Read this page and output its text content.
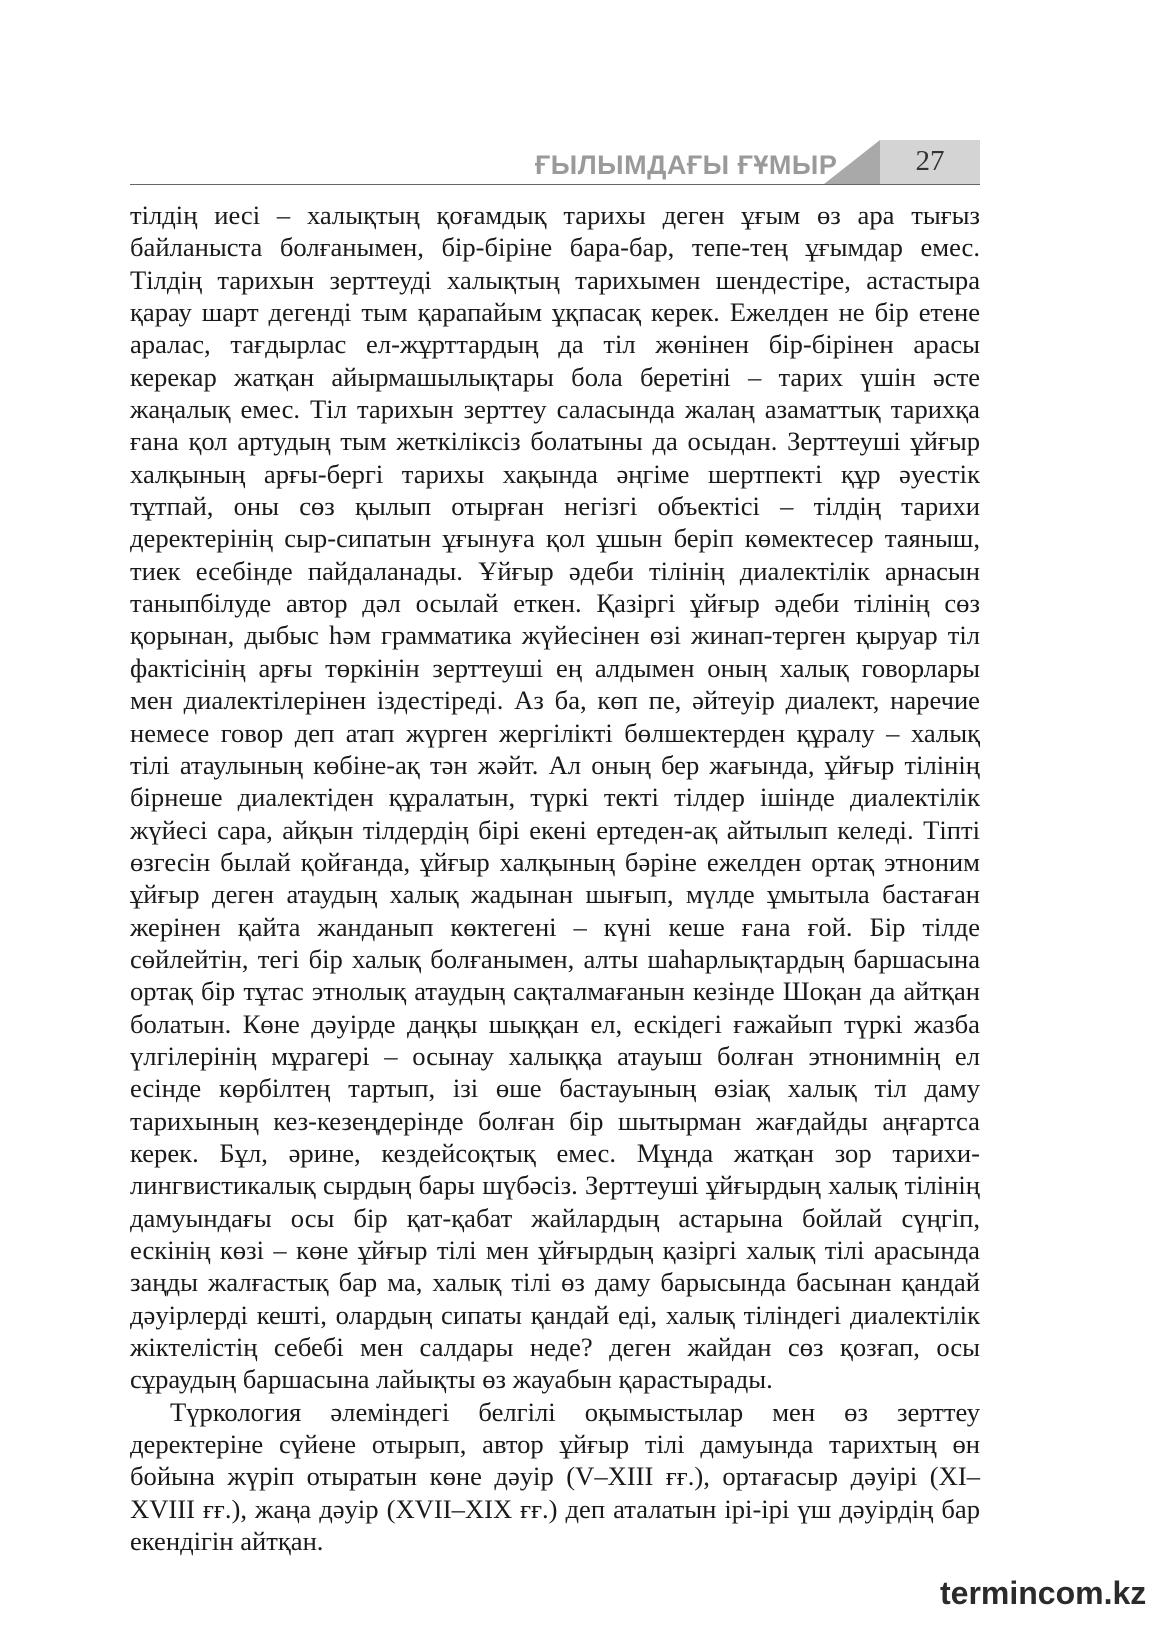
ҒЫЛЫМДАҒЫ ҒҰМЫР	27

тілдің иесі – халықтың қоғамдық тарихы деген ұғым өз ара тығыз байланыста болғанымен, бір-біріне бара-бар, тепе-тең ұғымдар емес. Тілдің тарихын зерттеуді халықтың тарихымен шендестіре, астастыра қарау шарт дегенді тым қарапайым ұқпасақ керек. Ежелден не бір етене аралас, тағдырлас ел-жұрттардың да тіл жөнінен бір-бірінен арасы керекар жатқан айырмашылықтары бола беретіні – тарих үшін әсте жаңалық емес. Тіл тарихын зерттеу саласында жалаң азаматтық тарихқа ғана қол артудың тым жеткіліксіз болатыны да осыдан. Зерттеуші ұйғыр халқының арғы-бергі тарихы хақында әңгіме шертпекті құр әуестік тұтпай, оны сөз қылып отырған негізгі объектісі – тілдің тарихи деректерінің сыр-сипатын ұғынуға қол ұшын беріп көмектесер таяныш, тиек есебінде пайдаланады. Ұйғыр әдеби тілінің диалектілік арнасын таныпбілуде автор дәл осылай еткен. Қазіргі ұйғыр әдеби тілінің сөз қорынан, дыбыс һәм грамматика жүйесінен өзі жинап-терген қыруар тіл фактісінің арғы төркінін зерттеуші ең алдымен оның халық говорлары мен диалектілерінен іздестіреді. Аз ба, көп пе, әйтеуір диалект, наречие немесе говор деп атап жүрген жергілікті бөлшектерден құралу – халық тілі атаулының көбіне-ақ тән жәйт. Ал оның бер жағында, ұйғыр тілінің бірнеше диалектіден құралатын, түркі текті тілдер ішінде диалектілік жүйесі сара, айқын тілдердің бірі екені ертеден-ақ айтылып келеді. Тіпті өзгесін былай қойғанда, ұйғыр халқының бәріне ежелден ортақ этноним ұйғыр деген атаудың халық жадынан шығып, мүлде ұмытыла бастаған жерінен қайта жанданып көктегені – күні кеше ғана ғой. Бір тілде сөйлейтін, тегі бір халық болғанымен, алты шаһарлықтардың баршасына ортақ бір тұтас этнолық атаудың сақталмағанын кезінде Шоқан да айтқан болатын. Көне дәуірде даңқы шыққан ел, ескідегі ғажайып түркі жазба үлгілерінің мұрагері – осынау халыққа атауыш болған этнонимнің ел есінде көрбілтең тартып, ізі өше бастауының өзіақ халық тіл даму тарихының кез-кезеңдерінде болған бір шытырман жағдайды аңғартса керек. Бұл, әрине, кездейсоқтық емес. Мұнда жатқан зор тарихи-лингвистикалық сырдың бары шүбәсіз. Зерттеуші ұйғырдың халық тілінің дамуындағы осы бір қат-қабат жайлардың астарына бойлай сүңгіп, ескінің көзі – көне ұйғыр тілі мен ұйғырдың қазіргі халық тілі арасында заңды жалғастық бар ма, халық тілі өз даму барысында басынан қандай дәуірлерді кешті, олардың сипаты қандай еді, халық тіліндегі диалектілік жіктелістің себебі мен салдары неде? деген жайдан сөз қозғап, осы сұраудың баршасына лайықты өз жауабын қарастырады.

Түркология әлеміндегі белгілі оқымыстылар мен өз зерттеу деректеріне сүйене отырып, автор ұйғыр тілі дамуында тарихтың өн бойына жүріп отыратын көне дәуір (V–XIII ғғ.), ортағасыр дәуірі (XI–XVIII ғғ.), жаңа дәуір (XVII–XIX ғғ.) деп аталатын ірі-ірі үш дәуірдің бар екендігін айтқан.

termincom.kz
